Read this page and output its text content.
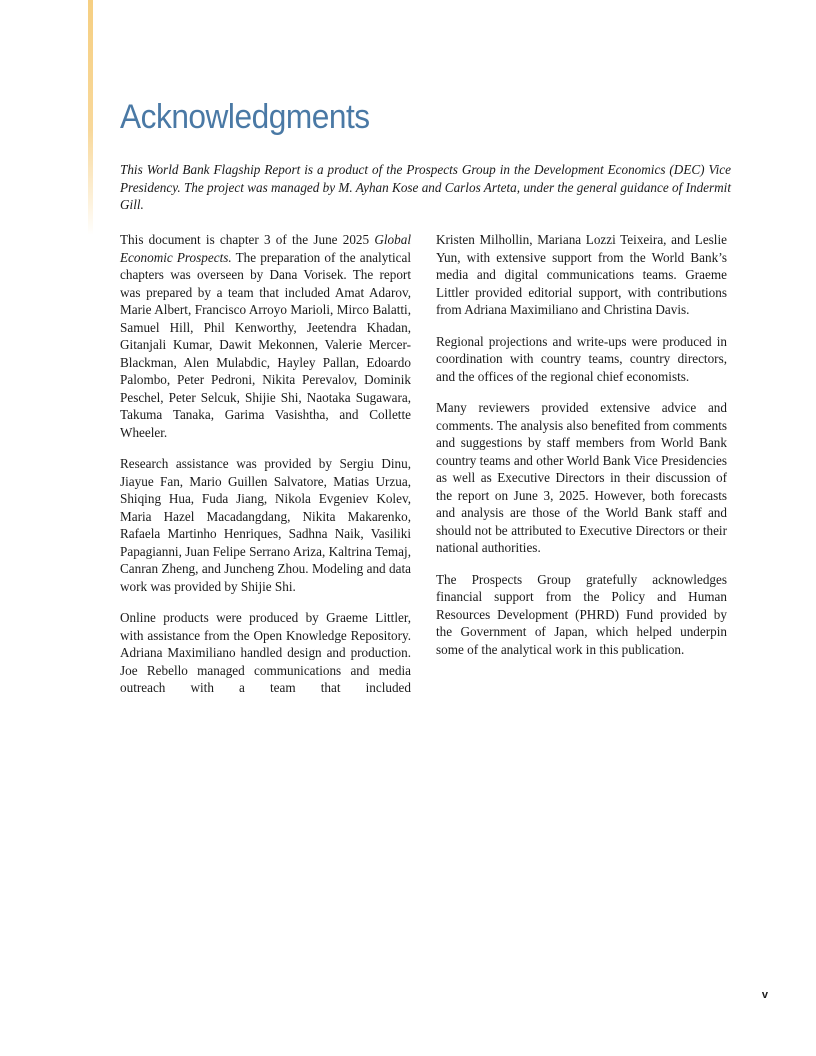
Acknowledgments

This World Bank Flagship Report is a product of the Prospects Group in the Development Economics (DEC) Vice Presidency. The project was managed by M. Ayhan Kose and Carlos Arteta, under the general guidance of Indermit Gill.

This document is chapter 3 of the June 2025 Global Economic Prospects. The preparation of the analytical chapters was overseen by Dana Vorisek. The report was prepared by a team that included Amat Adarov, Marie Albert, Francisco Arroyo Marioli, Mirco Balatti, Samuel Hill, Phil Kenworthy, Jeetendra Khadan, Gitanjali Kumar, Dawit Mekonnen, Valerie Mercer-Blackman, Alen Mulabdic, Hayley Pallan, Edoardo Palombo, Peter Pedroni, Nikita Perevalov, Dominik Peschel, Peter Selcuk, Shijie Shi, Naotaka Sugawara, Takuma Tanaka, Garima Vasishtha, and Collette Wheeler.

Research assistance was provided by Sergiu Dinu, Jiayue Fan, Mario Guillen Salvatore, Matias Urzua, Shiqing Hua, Fuda Jiang, Nikola Evgeniev Kolev, Maria Hazel Macadangdang, Nikita Makarenko, Rafaela Martinho Henriques, Sadhna Naik, Vasiliki Papagianni, Juan Felipe Serrano Ariza, Kaltrina Temaj, Canran Zheng, and Juncheng Zhou. Modeling and data work was provided by Shijie Shi.

Online products were produced by Graeme Littler, with assistance from the Open Knowledge Repository. Adriana Maximiliano handled design and production. Joe Rebello managed communications and media outreach with a team that included

Kristen Milhollin, Mariana Lozzi Teixeira, and Leslie Yun, with extensive support from the World Bank’s media and digital communications teams. Graeme Littler provided editorial support, with contributions from Adriana Maximiliano and Christina Davis.

Regional projections and write-ups were produced in coordination with country teams, country directors, and the offices of the regional chief economists.

Many reviewers provided extensive advice and comments. The analysis also benefited from comments and suggestions by staff members from World Bank country teams and other World Bank Vice Presidencies as well as Executive Directors in their discussion of the report on June 3, 2025. However, both forecasts and analysis are those of the World Bank staff and should not be attributed to Executive Directors or their national authorities.

The Prospects Group gratefully acknowledges financial support from the Policy and Human Resources Development (PHRD) Fund provided by the Government of Japan, which helped underpin some of the analytical work in this publication.

v
